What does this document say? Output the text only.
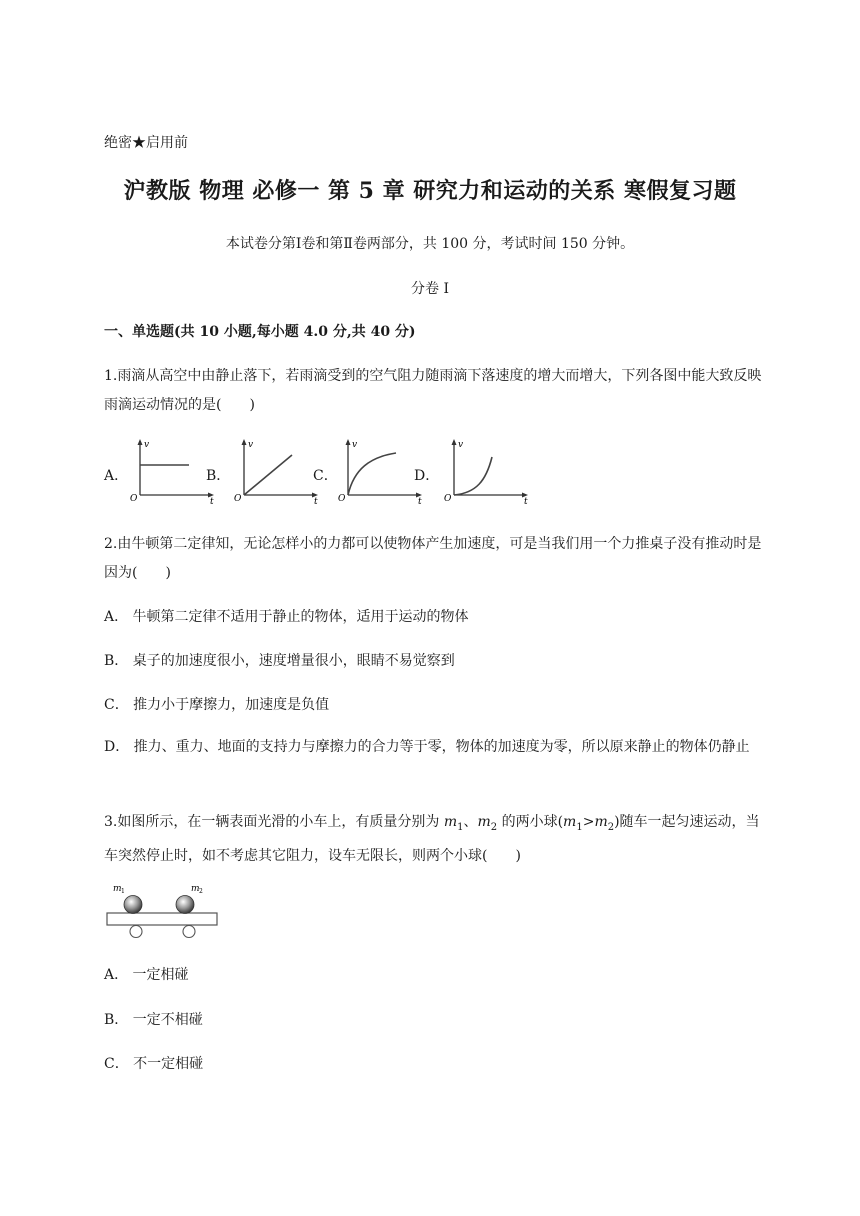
绝密★启用前
沪教版 物理 必修一 第 5 章 研究力和运动的关系 寒假复习题
本试卷分第Ⅰ卷和第Ⅱ卷两部分，共 100 分，考试时间 150 分钟。
分卷 I
一、单选题(共 10 小题,每小题 4.0 分,共 40 分)
1.雨滴从高空中由静止落下，若雨滴受到的空气阻力随雨滴下落速度的增大而增大，下列各图中能大致反映雨滴运动情况的是(　　)
A．
v
t
O
B．
v
t
O
C．
v
t
O
D．
v
t
O
2.由牛顿第二定律知，无论怎样小的力都可以使物体产生加速度，可是当我们用一个力推桌子没有推动时是因为(　　)
A． 牛顿第二定律不适用于静止的物体，适用于运动的物体
B． 桌子的加速度很小，速度增量很小，眼睛不易觉察到
C． 推力小于摩擦力，加速度是负值
D． 推力、重力、地面的支持力与摩擦力的合力等于零，物体的加速度为零，所以原来静止的物体仍静止
3.如图所示，在一辆表面光滑的小车上，有质量分别为 $m_1$、$m_2$ 的两小球$(m_1>m_2)$随车一起匀速运动，当车突然停止时，如不考虑其它阻力，设车无限长，则两个小球(　　)
m 1	m 2
A． 一定相碰
B． 一定不相碰
C． 不一定相碰
